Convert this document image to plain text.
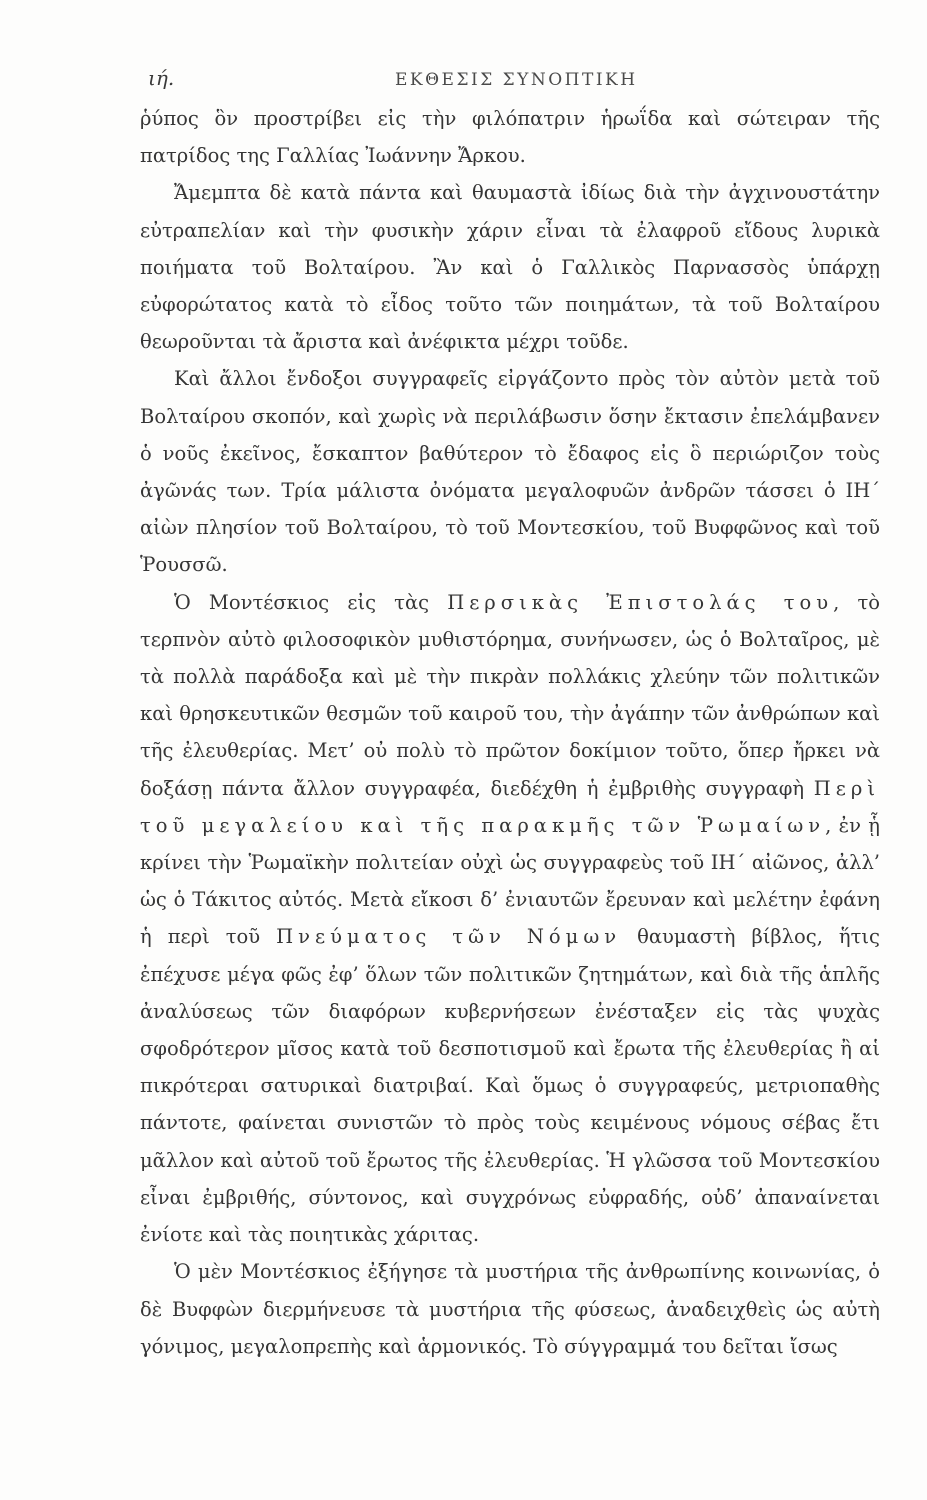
ιή.	ΕΚΘΕΣΙΣ ΣΥΝΟΠΤΙΚΗ

ῥύπος ὃν προστρίβει εἰς τὴν φιλόπατριν ἡρωΐδα καὶ σώτειραν τῆς πατρίδος της Γαλλίας Ἰωάννην Ἄρκου.

Ἄμεμπτα δὲ κατὰ πάντα καὶ θαυμαστὰ ἰδίως διὰ τὴν ἀγχινουστάτην εὐτραπελίαν καὶ τὴν φυσικὴν χάριν εἶναι τὰ ἐλαφροῦ εἴδους λυρικὰ ποιήματα τοῦ Βολταίρου. Ἂν καὶ ὁ Γαλλικὸς Παρνασσὸς ὑπάρχῃ εὐφορώτατος κατὰ τὸ εἶδος τοῦτο τῶν ποιημάτων, τὰ τοῦ Βολταίρου θεωροῦνται τὰ ἄριστα καὶ ἀνέφικτα μέχρι τοῦδε.

Καὶ ἄλλοι ἔνδοξοι συγγραφεῖς εἰργάζοντο πρὸς τὸν αὐτὸν μετὰ τοῦ Βολταίρου σκοπόν, καὶ χωρὶς νὰ περιλάβωσιν ὅσην ἔκτασιν ἐπελάμβανεν ὁ νοῦς ἐκεῖνος, ἔσκαπτον βαθύτερον τὸ ἔδαφος εἰς ὃ περιώριζον τοὺς ἀγῶνάς των. Τρία μάλιστα ὀνόματα μεγαλοφυῶν ἀνδρῶν τάσσει ὁ ΙΗ΄ αἰὼν πλησίον τοῦ Βολταίρου, τὸ τοῦ Μοντεσκίου, τοῦ Βυφφῶνος καὶ τοῦ Ῥουσσῶ.

Ὁ Μοντέσκιος εἰς τὰς Περσικὰς Ἐπιστολάς του, τὸ τερπνὸν αὐτὸ φιλοσοφικὸν μυθιστόρημα, συνήνωσεν, ὡς ὁ Βολταῖρος, μὲ τὰ πολλὰ παράδοξα καὶ μὲ τὴν πικρὰν πολλάκις χλεύην τῶν πολιτικῶν καὶ θρησκευτικῶν θεσμῶν τοῦ καιροῦ του, τὴν ἀγάπην τῶν ἀνθρώπων καὶ τῆς ἐλευθερίας. Μετ’ οὐ πολὺ τὸ πρῶτον δοκίμιον τοῦτο, ὅπερ ἤρκει νὰ δοξάσῃ πάντα ἄλλον συγγραφέα, διεδέχθη ἡ ἐμβριθὴς συγγραφὴ Περὶ τοῦ μεγαλείου καὶ τῆς παρακμῆς τῶν Ῥωμαίων, ἐν ᾗ κρίνει τὴν Ῥωμαϊκὴν πολιτείαν οὐχὶ ὡς συγγραφεὺς τοῦ ΙΗ΄ αἰῶνος, ἀλλ’ ὡς ὁ Τάκιτος αὐτός. Μετὰ εἴκοσι δ’ ἐνιαυτῶν ἔρευναν καὶ μελέτην ἐφάνη ἡ περὶ τοῦ Πνεύματος τῶν Νόμων θαυμαστὴ βίβλος, ἥτις ἐπέχυσε μέγα φῶς ἐφ’ ὅλων τῶν πολιτικῶν ζητημάτων, καὶ διὰ τῆς ἁπλῆς ἀναλύσεως τῶν διαφόρων κυβερνήσεων ἐνέσταξεν εἰς τὰς ψυχὰς σφοδρότερον μῖσος κατὰ τοῦ δεσποτισμοῦ καὶ ἔρωτα τῆς ἐλευθερίας ἢ αἱ πικρότεραι σατυρικαὶ διατριβαί. Καὶ ὅμως ὁ συγγραφεύς, μετριοπαθὴς πάντοτε, φαίνεται συνιστῶν τὸ πρὸς τοὺς κειμένους νόμους σέβας ἔτι μᾶλλον καὶ αὐτοῦ τοῦ ἔρωτος τῆς ἐλευθερίας. Ἡ γλῶσσα τοῦ Μοντεσκίου εἶναι ἐμβριθής, σύντονος, καὶ συγχρόνως εὐφραδής, οὐδ’ ἀπαναίνεται ἐνίοτε καὶ τὰς ποιητικὰς χάριτας.

Ὁ μὲν Μοντέσκιος ἐξήγησε τὰ μυστήρια τῆς ἀνθρωπίνης κοινωνίας, ὁ δὲ Βυφφὼν διερμήνευσε τὰ μυστήρια τῆς φύσεως, ἀναδειχθεὶς ὡς αὐτὴ γόνιμος, μεγαλοπρεπὴς καὶ ἁρμονικός. Τὸ σύγγραμμά του δεῖται ἴσως
